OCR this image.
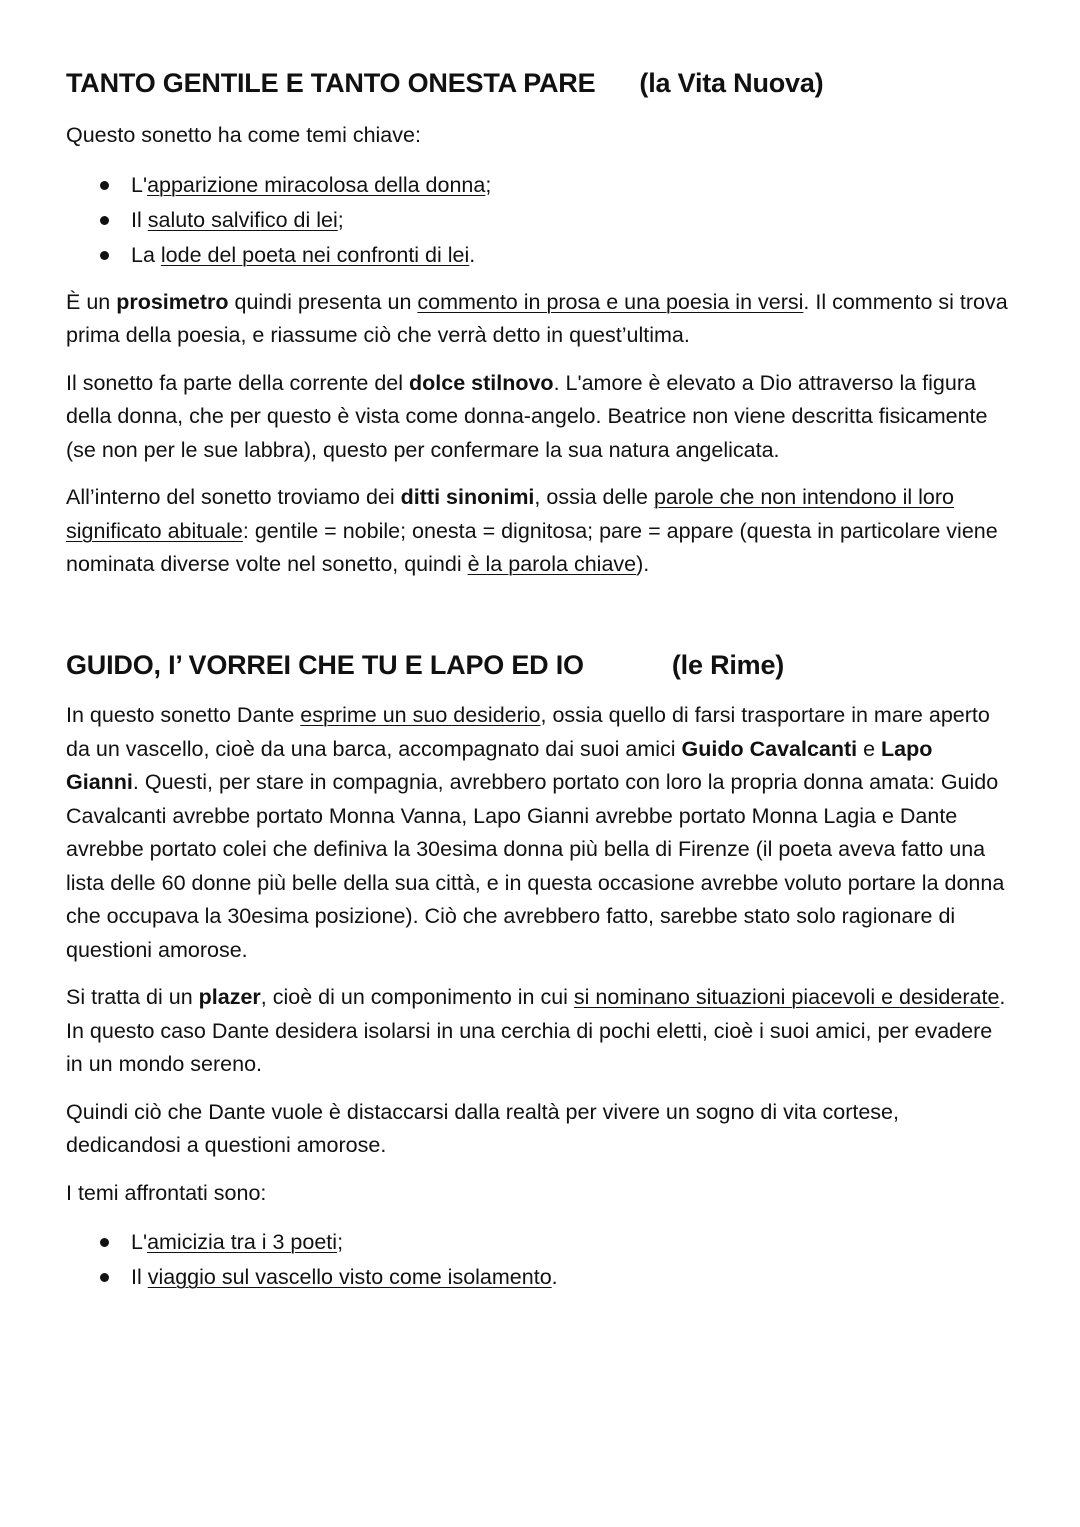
TANTO GENTILE E TANTO ONESTA PARE (la Vita Nuova)

Questo sonetto ha come temi chiave:

L'apparizione miracolosa della donna;
Il saluto salvifico di lei;
La lode del poeta nei confronti di lei.

È un prosimetro quindi presenta un commento in prosa e una poesia in versi. Il commento si trova prima della poesia, e riassume ciò che verrà detto in quest’ultima.

Il sonetto fa parte della corrente del dolce stilnovo. L'amore è elevato a Dio attraverso la figura della donna, che per questo è vista come donna-angelo. Beatrice non viene descritta fisicamente (se non per le sue labbra), questo per confermare la sua natura angelicata.

All’interno del sonetto troviamo dei ditti sinonimi, ossia delle parole che non intendono il loro significato abituale: gentile = nobile; onesta = dignitosa; pare = appare (questa in particolare viene nominata diverse volte nel sonetto, quindi è la parola chiave).

GUIDO, I’ VORREI CHE TU E LAPO ED IO	(le Rime)

In questo sonetto Dante esprime un suo desiderio, ossia quello di farsi trasportare in mare aperto da un vascello, cioè da una barca, accompagnato dai suoi amici Guido Cavalcanti e Lapo Gianni. Questi, per stare in compagnia, avrebbero portato con loro la propria donna amata: Guido Cavalcanti avrebbe portato Monna Vanna, Lapo Gianni avrebbe portato Monna Lagia e Dante avrebbe portato colei che definiva la 30esima donna più bella di Firenze (il poeta aveva fatto una lista delle 60 donne più belle della sua città, e in questa occasione avrebbe voluto portare la donna che occupava la 30esima posizione). Ciò che avrebbero fatto, sarebbe stato solo ragionare di questioni amorose.

Si tratta di un plazer, cioè di un componimento in cui si nominano situazioni piacevoli e desiderate. In questo caso Dante desidera isolarsi in una cerchia di pochi eletti, cioè i suoi amici, per evadere in un mondo sereno.

Quindi ciò che Dante vuole è distaccarsi dalla realtà per vivere un sogno di vita cortese, dedicandosi a questioni amorose.

I temi affrontati sono:

L'amicizia tra i 3 poeti;
Il viaggio sul vascello visto come isolamento.
